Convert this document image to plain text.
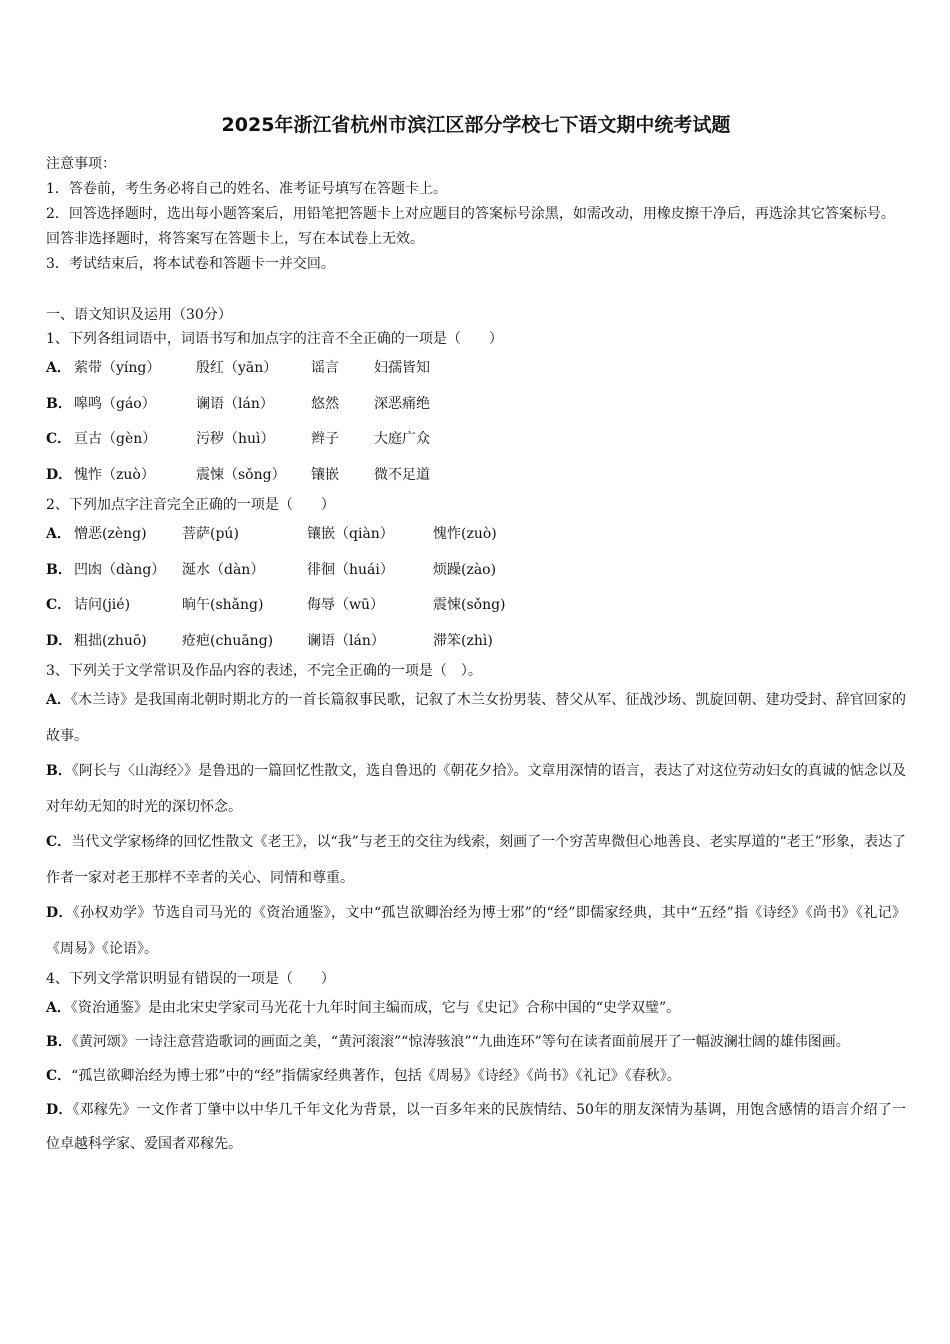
2025年浙江省杭州市滨江区部分学校七下语文期中统考试题

注意事项：

1．答卷前，考生务必将自己的姓名、准考证号填写在答题卡上。

2．回答选择题时，选出每小题答案后，用铅笔把答题卡上对应题目的答案标号涂黑，如需改动，用橡皮擦干净后，再选涂其它答案标号。回答非选择题时，将答案写在答题卡上，写在本试卷上无效。

3．考试结束后，将本试卷和答题卡一并交回。

一、语文知识及运用（30分）

1、下列各组词语中，词语书写和加点字的注音不全正确的一项是（　　）

A． 萦带（yíng）	殷红（yān） 谣言	妇孺皆知
B． 嗥鸣（gáo）	谰语（lán）	悠然	深恶痛绝
C． 亘古（gèn）	污秽（huì）	辫子	大庭广众
D． 愧怍（zuò）	震悚（sǒng） 镶嵌	微不足道

2、下列加点字注音完全正确的一项是（　　）

A． 憎恶(zèng)	菩萨(pú)	镶嵌（qiàn）	愧怍(zuò)
B． 凹凼（dàng） 涎水（dàn）	徘徊（huái）	烦躁(zào)
C． 诘问(jié)	晌午(shǎng)	侮辱（wū）	震悚(sǒng)
D． 粗拙(zhuō)	疮疤(chuāng) 谰语（lán）	滞笨(zhì)

3、下列关于文学常识及作品内容的表述，不完全正确的一项是（　）。

A．《木兰诗》是我国南北朝时期北方的一首长篇叙事民歌，记叙了木兰女扮男装、替父从军、征战沙场、凯旋回朝、建功受封、辞官回家的故事。

B．《阿长与〈山海经〉》是鲁迅的一篇回忆性散文，选自鲁迅的《朝花夕拾》。文章用深情的语言，表达了对这位劳动妇女的真诚的惦念以及对年幼无知的时光的深切怀念。

C．当代文学家杨绛的回忆性散文《老王》，以“我”与老王的交往为线索，刻画了一个穷苦卑微但心地善良、老实厚道的“老王”形象，表达了作者一家对老王那样不幸者的关心、同情和尊重。

D．《孙权劝学》节选自司马光的《资治通鉴》，文中“孤岂欲卿治经为博士邪”的“经”即儒家经典，其中“五经”指《诗经》《尚书》《礼记》《周易》《论语》。

4、下列文学常识明显有错误的一项是（　　）

A．《资治通鉴》是由北宋史学家司马光花十九年时间主编而成，它与《史记》合称中国的“史学双璧”。

B．《黄河颂》一诗注意营造歌词的画面之美，“黄河滚滚”“惊涛骇浪”“九曲连环”等句在读者面前展开了一幅波澜壮阔的雄伟图画。

C．“孤岂欲卿治经为博士邪”中的“经”指儒家经典著作，包括《周易》《诗经》《尚书》《礼记》《春秋》。

D．《邓稼先》一文作者丁肇中以中华几千年文化为背景，以一百多年来的民族情结、50年的朋友深情为基调，用饱含感情的语言介绍了一位卓越科学家、爱国者邓稼先。
